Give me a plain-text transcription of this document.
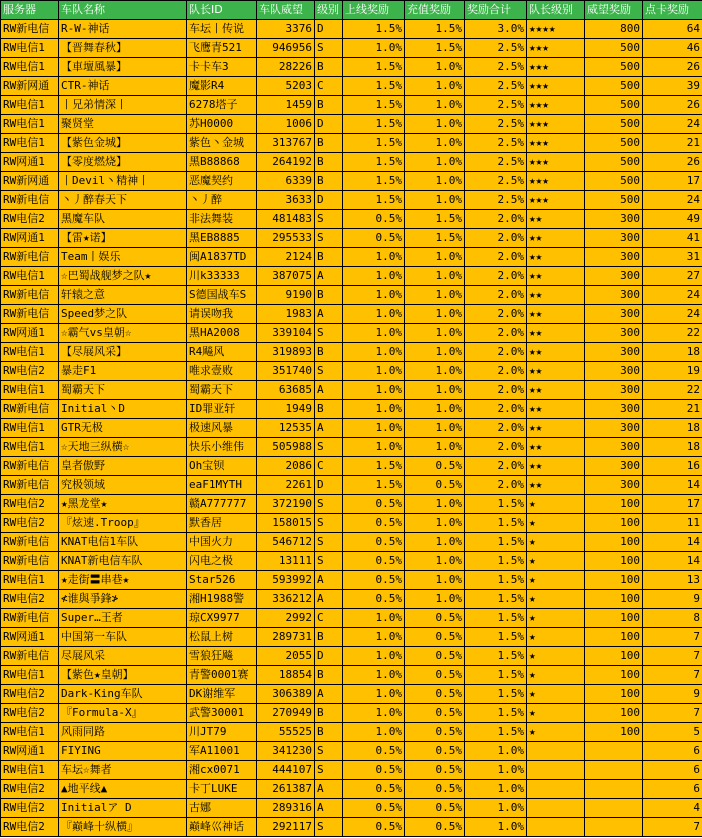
服务器	车队名称	队长ID	车队威望	级别	上线奖励	充值奖励	奖励合计	队长级别	威望奖励	点卡奖励
RW新电信	R-W-神话	车坛丨传说	3376	D	1.5%	1.5%	3.0%	★★★★	800	64
RW电信1	【晋舞春秋】	飞鹰青521	946956	S	1.0%	1.5%	2.5%	★★★	500	46
RW电信1	【車壇風暴】	卡卡车3	28226	B	1.5%	1.0%	2.5%	★★★	500	26
RW新网通	CTR-神话	魔影R4	5203	C	1.5%	1.0%	2.5%	★★★	500	39
RW电信1	丨兄弟情深丨	6278塔子	1459	B	1.5%	1.0%	2.5%	★★★	500	26
RW电信1	聚贤堂	苏H0000	1006	D	1.5%	1.0%	2.5%	★★★	500	24
RW电信1	【紫色金城】	紫色丶金城	313767	B	1.5%	1.0%	2.5%	★★★	500	21
RW网通1	【零度燃烧】	黑B88868	264192	B	1.5%	1.0%	2.5%	★★★	500	26
RW新网通	丨Devil丶精神丨	恶魔契约	6339	B	1.5%	1.0%	2.5%	★★★	500	17
RW新电信	丶丿醉春天下	丶丿醉	3633	D	1.5%	1.0%	2.5%	★★★	500	24
RW电信2	黑魔车队	非法舞装	481483	S	0.5%	1.5%	2.0%	★★	300	49
RW网通1	【雷★诺】	黑EB8885	295533	S	0.5%	1.5%	2.0%	★★	300	41
RW新电信	Team丨娱乐	闽A1837TD	2124	B	1.0%	1.0%	2.0%	★★	300	31
RW电信1	☆巴蜀战舰梦之队★	川k33333	387075	A	1.0%	1.0%	2.0%	★★	300	27
RW新电信	轩辕之意	S德国战车S	9190	B	1.0%	1.0%	2.0%	★★	300	24
RW新电信	Speed梦之队	请误吻我	1983	A	1.0%	1.0%	2.0%	★★	300	24
RW网通1	☆霸气vs皇朝☆	黑HA2008	339104	S	1.0%	1.0%	2.0%	★★	300	22
RW电信1	【尽展风采】	R4飚风	319893	B	1.0%	1.0%	2.0%	★★	300	18
RW电信2	暴走F1	唯求壹败	351740	S	1.0%	1.0%	2.0%	★★	300	19
RW电信1	蜀霸天下	蜀霸天下	63685	A	1.0%	1.0%	2.0%	★★	300	22
RW新电信	Initial丶D	ID罪亚轩	1949	B	1.0%	1.0%	2.0%	★★	300	21
RW电信1	GTR无极	极速风暴	12535	A	1.0%	1.0%	2.0%	★★	300	18
RW电信1	☆天地三纵横☆	快乐小维伟	505988	S	1.0%	1.0%	2.0%	★★	300	18
RW新电信	皇者傲野	Oh宝钡	2086	C	1.5%	0.5%	2.0%	★★	300	16
RW新电信	究极领域	eaF1MYTH	2261	D	1.5%	0.5%	2.0%	★★	300	14
RW电信2	★黑龙堂★	赣A777777	372190	S	0.5%	1.0%	1.5%	★	100	17
RW电信2	『炫速.Troop』	默香居	158015	S	0.5%	1.0%	1.5%	★	100	11
RW新电信	KNAT电信1车队	中国火力	546712	S	0.5%	1.0%	1.5%	★	100	14
RW新电信	KNAT新电信车队	闪电之极	13111	S	0.5%	1.0%	1.5%	★	100	14
RW电信1	★走街〓串巷★	Star526	593992	A	0.5%	1.0%	1.5%	★	100	13
RW电信2	≮谁與爭鋒≯	湘H1988警	336212	A	0.5%	1.0%	1.5%	★	100	9
RW新电信	Super…王者	琼CX9977	2992	C	1.0%	0.5%	1.5%	★	100	8
RW网通1	中国第一车队	松鼠上树	289731	B	1.0%	0.5%	1.5%	★	100	7
RW新电信	尽展风采	雪狼狂飚	2055	D	1.0%	0.5%	1.5%	★	100	7
RW电信1	【紫色★皇朝】	青警0001赛	18854	B	1.0%	0.5%	1.5%	★	100	7
RW电信2	Dark-King车队	DK谢维军	306389	A	1.0%	0.5%	1.5%	★	100	9
RW电信2	『Formula-X』	武警30001	270949	B	1.0%	0.5%	1.5%	★	100	7
RW电信1	风雨同路	川JT79	55525	B	1.0%	0.5%	1.5%	★	100	5
RW网通1	FIYING	军A11001	341230	S	0.5%	0.5%	1.0%			6
RW电信1	车坛☆舞者	湘cx0071	444107	S	0.5%	0.5%	1.0%			6
RW电信2	▲地平线▲	卡丁LUKE	261387	A	0.5%	0.5%	1.0%			6
RW电信2	Initialア D	古娜	289316	A	0.5%	0.5%	1.0%			4
RW电信2	『巅峰十纵横』	巅峰巛神话	292117	S	0.5%	0.5%	1.0%			7
